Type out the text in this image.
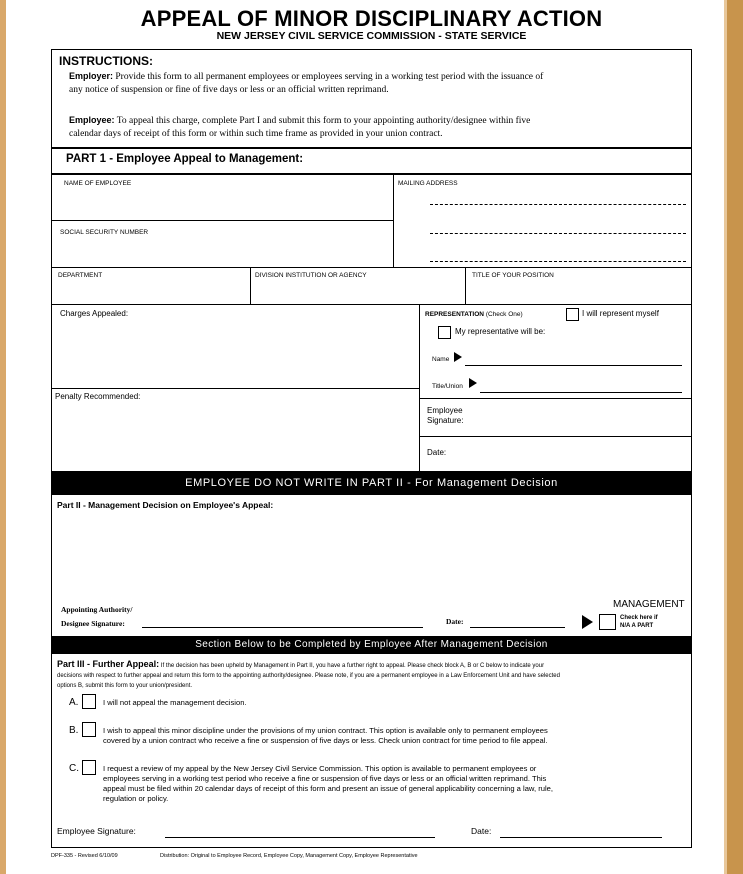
APPEAL OF MINOR DISCIPLINARY ACTION
NEW JERSEY CIVIL SERVICE COMMISSION - STATE SERVICE
INSTRUCTIONS:
Employer: Provide this form to all permanent employees or employees serving in a working test period with the issuance of
any notice of suspension or fine of five days or less or an official written reprimand.
Employee: To appeal this charge, complete Part I and submit this form to your appointing authority/designee within five
calendar days of receipt of this form or within such time frame as provided in your union contract.
PART 1 - Employee Appeal to Management:
NAME OF EMPLOYEE	MAILING ADDRESS
SOCIAL SECURITY NUMBER
DEPARTMENT	DIVISION INSTITUTION OR AGENCY	TITLE OF YOUR POSITION
Charges Appealed:	REPRESENTATION (Check One)	I will represent myself
My representative will be:
Name
Title/Union
Penalty Recommended:
Employee
Signature:
Date:
EMPLOYEE DO NOT WRITE IN PART II - For Management Decision
Part II - Management Decision on Employee's Appeal:
Appointing Authority/
Designee Signature:	Date:
MANAGEMENT
Check here if
N/A A PART
Section Below to be Completed by Employee After Management Decision
Part III - Further Appeal: If the decision has been upheld by Management in Part II, you have a further right to appeal. Please check block A, B or C below to indicate your
decisions with respect to further appeal and return this form to the appointing authority/designee. Please note, if you are a permanent employee in a Law Enforcement Unit and have selected
options B, submit this form to your union/president.
A.	I will not appeal the management decision.
B.	I wish to appeal this minor discipline under the provisions of my union contract. This option is available only to permanent employees
covered by a union contract who receive a fine or suspension of five days or less. Check union contract for time period to file appeal.
C.	I request a review of my appeal by the New Jersey Civil Service Commission. This option is available to permanent employees or
employees serving in a working test period who receive a fine or suspension of five days or less or an official written reprimand. This
appeal must be filed within 20 calendar days of receipt of this form and present an issue of general applicability concerning a law, rule,
regulation or policy.
Employee Signature:	Date:
DPF-335 - Revised 6/10/09	Distribution: Original to Employee Record, Employee Copy, Management Copy, Employee Representative
